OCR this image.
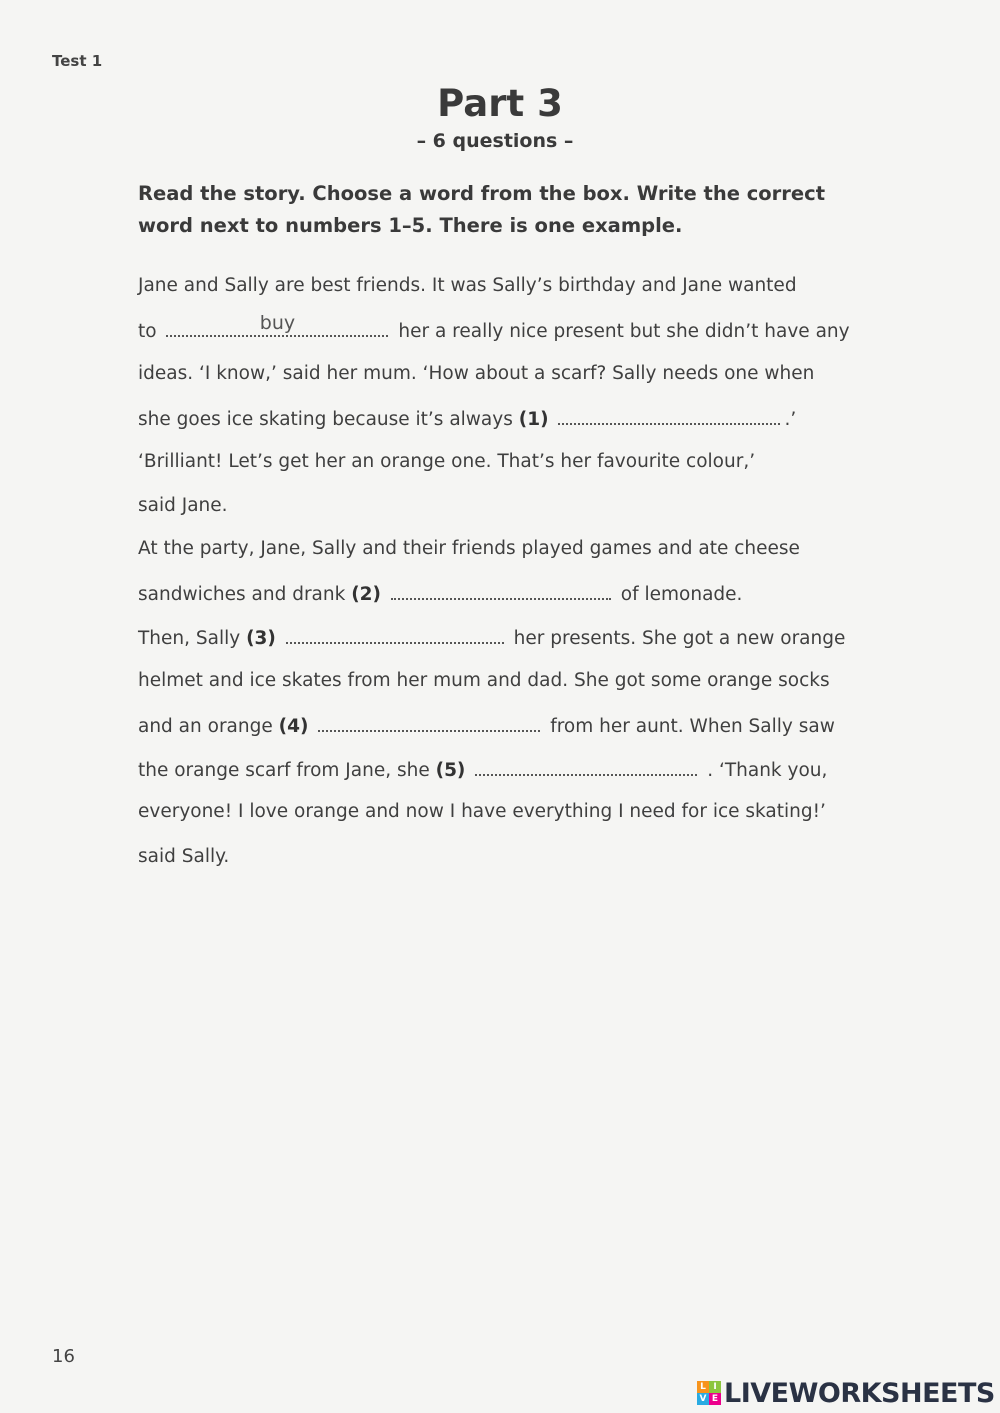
Test 1
Part 3
– 6 questions –
Read the story. Choose a word from the box. Write the correct
word next to numbers 1–5. There is one example.
Jane and Sally are best friends. It was Sally’s birthday and Jane wanted
to	buy	her a really nice present but she didn’t have any
ideas. ‘I know,’ said her mum. ‘How about a scarf? Sally needs one when
she goes ice skating because it’s always (1)	.’
‘Brilliant! Let’s get her an orange one. That’s her favourite colour,’
said Jane.
At the party, Jane, Sally and their friends played games and ate cheese
sandwiches and drank (2)	of lemonade.
Then, Sally (3)	her presents. She got a new orange
helmet and ice skates from her mum and dad. She got some orange socks
and an orange (4)	from her aunt. When Sally saw
the orange scarf from Jane, she (5)	. ‘Thank you,
everyone! I love orange and now I have everything I need for ice skating!’
said Sally.
16
L I
V E LIVEWORKSHEETS
